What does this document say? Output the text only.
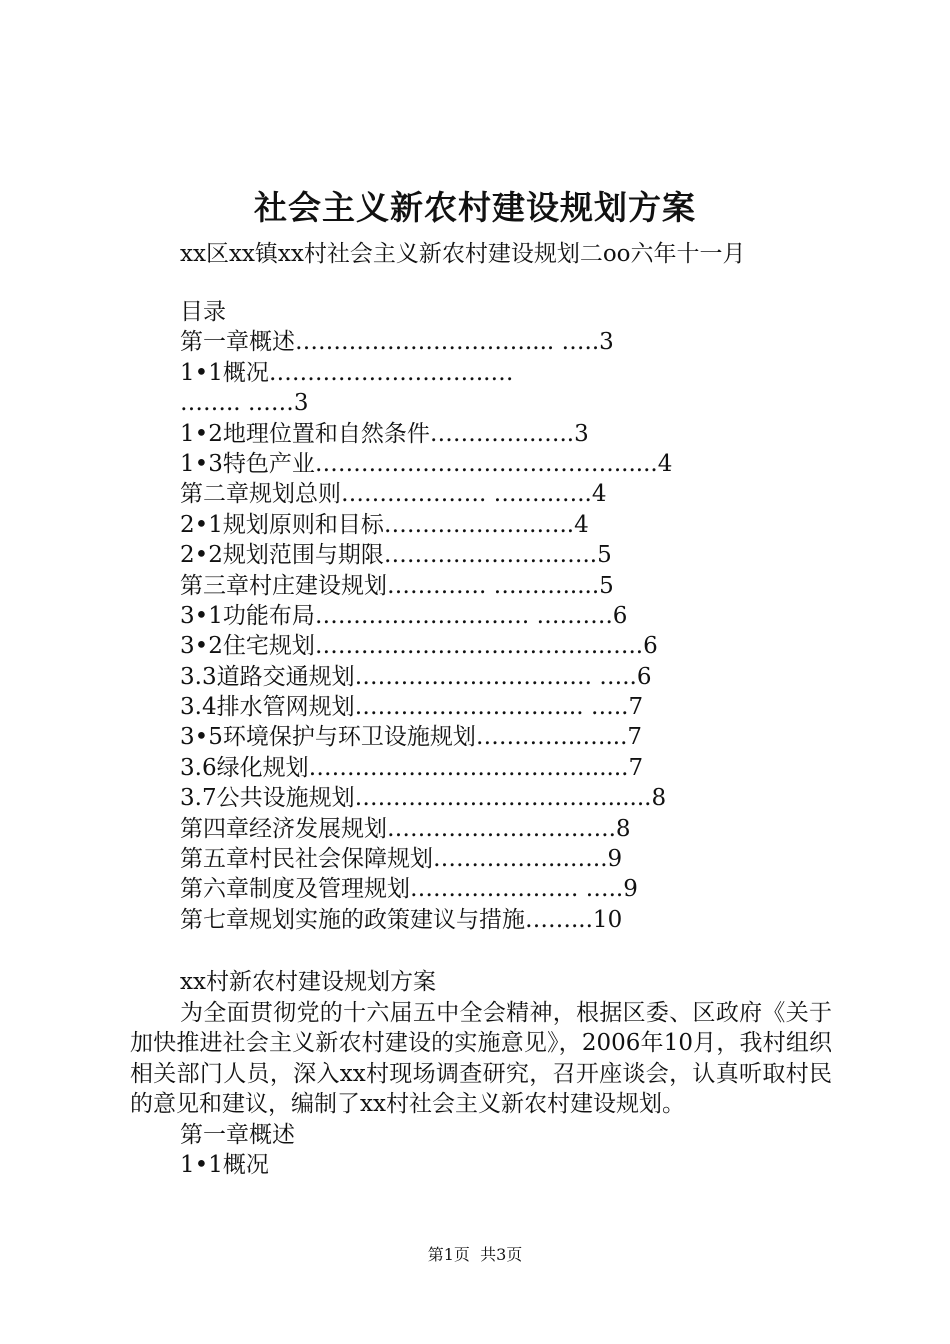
社会主义新农村建设规划方案
xx区xx镇xx村社会主义新农村建设规划二oo六年十一月
目录
第一章概述………………………….... …..3
1•1概况………………………..…
…….. ……3
1•2地理位置和自然条件…………..…..3
1•3特色产业…………………………………......4
第二章规划总则………………. ……..…..4
2•1规划原则和目标………………..…..4
2•2规划范围与期限…………………..…..5
第三章村庄建设规划…………. ……….....5
3•1功能布局………………………. ……….6
3•2住宅规划………………………………..…..6
3.3道路交通规划…………………………. …..6
3.4排水管网规划………………………... …..7
3•5环境保护与环卫设施规划…………..…...7
3.6绿化规划………………………………......7
3.7公共设施规划……………………………......8
第四章经济发展规划…………………….…..8
第五章村民社会保障规划……………...…..9
第六章制度及管理规划…………………. …..9
第七章规划实施的政策建议与措施……...10
xx村新农村建设规划方案
为全面贯彻党的十六届五中全会精神，根据区委、区政府《关于加快推进社会主义新农村建设的实施意见》，2006年10月，我村组织相关部门人员，深入xx村现场调查研究，召开座谈会，认真听取村民的意见和建议，编制了xx村社会主义新农村建设规划。
第一章概述
1•1概况
第1页  共3页
